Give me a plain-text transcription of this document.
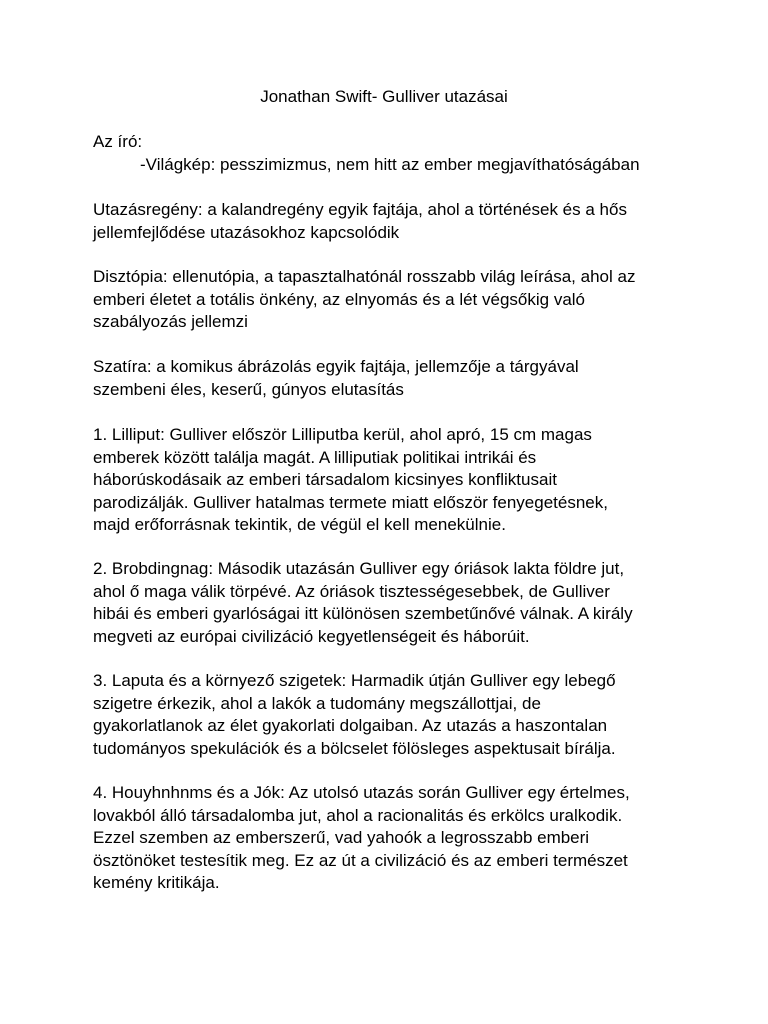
Jonathan Swift- Gulliver utazásai
Az író:
-Világkép: pesszimizmus, nem hitt az ember megjavíthatóságában
Utazásregény: a kalandregény egyik fajtája, ahol a történések és a hős
jellemfejlődése utazásokhoz kapcsolódik
Disztópia: ellenutópia, a tapasztalhatónál rosszabb világ leírása, ahol az
emberi életet a totális önkény, az elnyomás és a lét végsőkig való
szabályozás jellemzi
Szatíra: a komikus ábrázolás egyik fajtája, jellemzője a tárgyával
szembeni éles, keserű, gúnyos elutasítás
1. Lilliput: Gulliver először Lilliputba kerül, ahol apró, 15 cm magas
emberek között találja magát. A lilliputiak politikai intrikái és
háborúskodásaik az emberi társadalom kicsinyes konfliktusait
parodizálják. Gulliver hatalmas termete miatt először fenyegetésnek,
majd erőforrásnak tekintik, de végül el kell menekülnie.
2. Brobdingnag: Második utazásán Gulliver egy óriások lakta földre jut,
ahol ő maga válik törpévé. Az óriások tisztességesebbek, de Gulliver
hibái és emberi gyarlóságai itt különösen szembetűnővé válnak. A király
megveti az európai civilizáció kegyetlenségeit és háborúit.
3. Laputa és a környező szigetek: Harmadik útján Gulliver egy lebegő
szigetre érkezik, ahol a lakók a tudomány megszállottjai, de
gyakorlatlanok az élet gyakorlati dolgaiban. Az utazás a haszontalan
tudományos spekulációk és a bölcselet fölösleges aspektusait bírálja.
4. Houyhnhnms és a Jók: Az utolsó utazás során Gulliver egy értelmes,
lovakból álló társadalomba jut, ahol a racionalitás és erkölcs uralkodik.
Ezzel szemben az emberszerű, vad yahoók a legrosszabb emberi
ösztönöket testesítik meg. Ez az út a civilizáció és az emberi természet
kemény kritikája.
